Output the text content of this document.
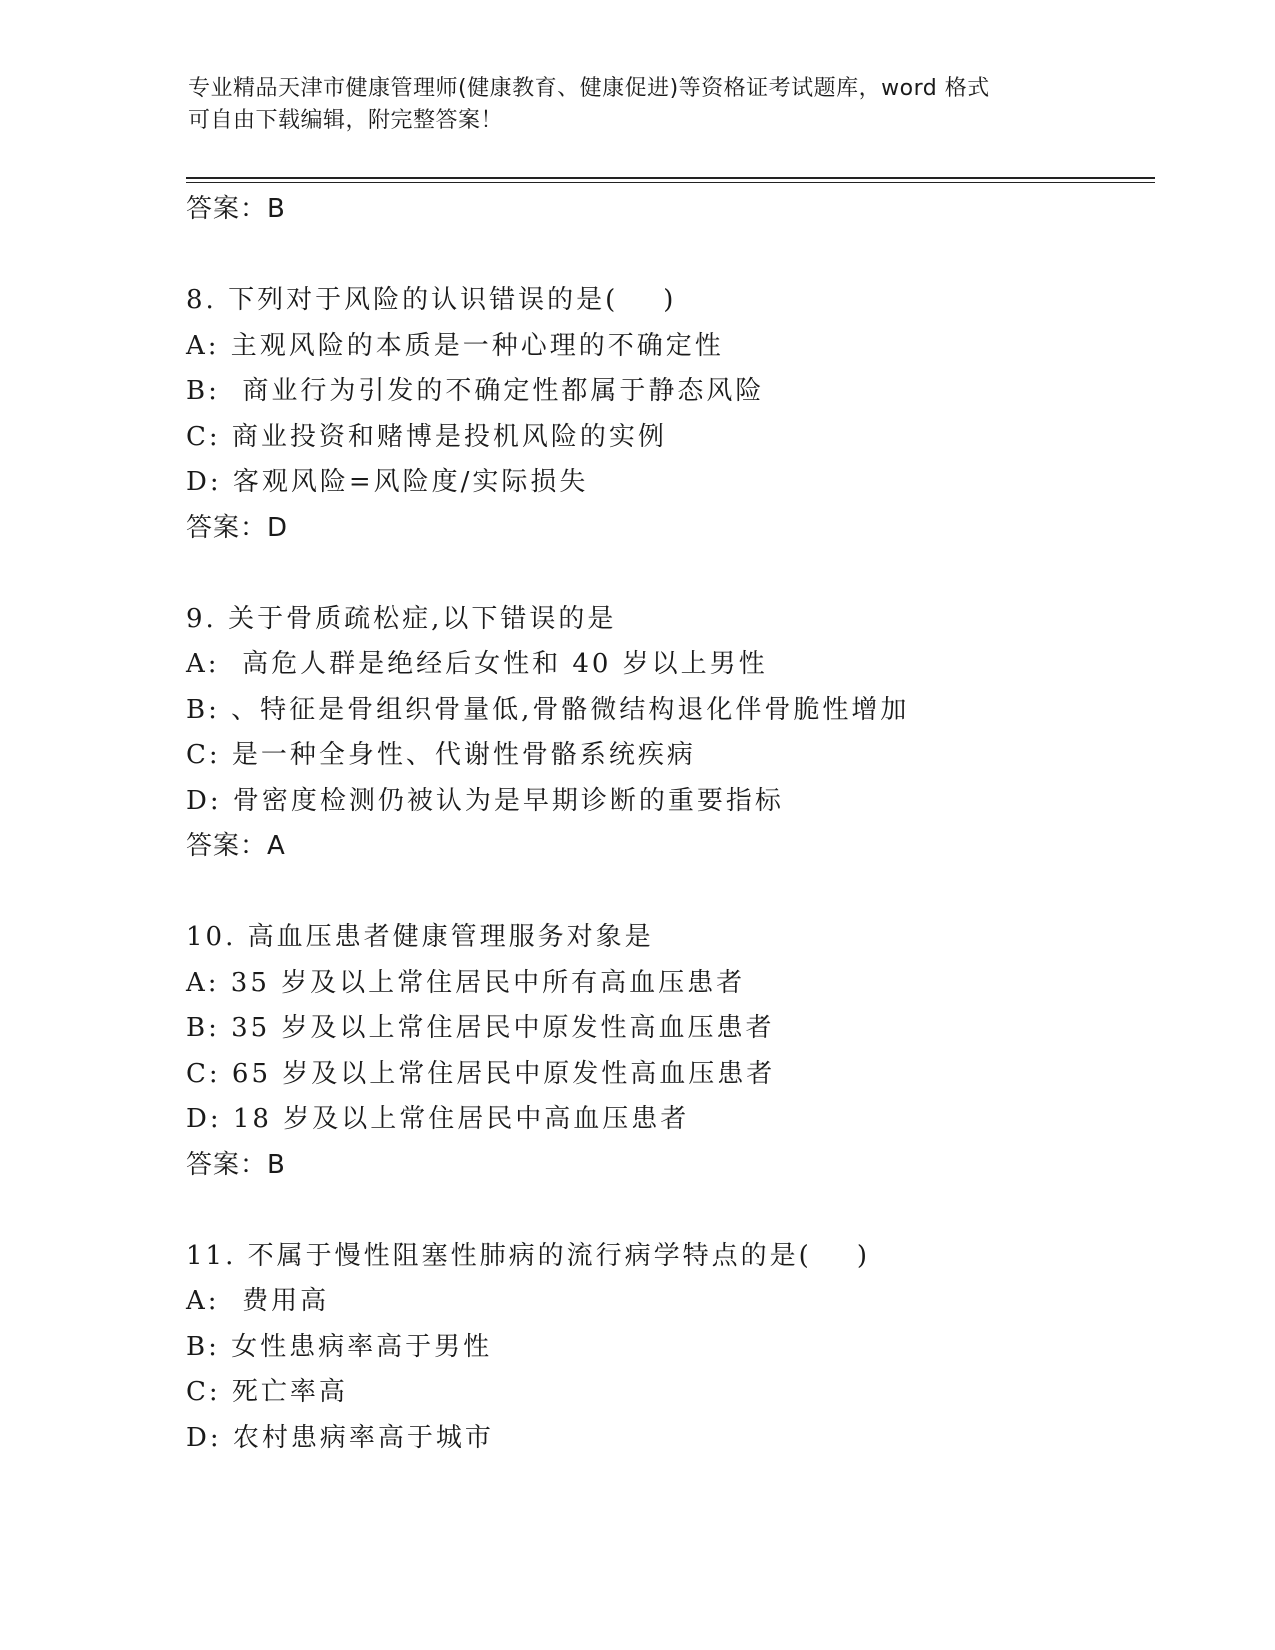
专业精品天津市健康管理师(健康教育、健康促进)等资格证考试题库，word 格式
可自由下载编辑，附完整答案！
答案：B
8. 下列对于风险的认识错误的是(    )
A: 主观风险的本质是一种心理的不确定性
B:  商业行为引发的不确定性都属于静态风险
C: 商业投资和赌博是投机风险的实例
D: 客观风险=风险度/实际损失
答案：D
9. 关于骨质疏松症,以下错误的是
A:  高危人群是绝经后女性和 40 岁以上男性
B: 、特征是骨组织骨量低,骨骼微结构退化伴骨脆性增加
C: 是一种全身性、代谢性骨骼系统疾病
D: 骨密度检测仍被认为是早期诊断的重要指标
答案：A
10. 高血压患者健康管理服务对象是
A: 35 岁及以上常住居民中所有高血压患者
B: 35 岁及以上常住居民中原发性高血压患者
C: 65 岁及以上常住居民中原发性高血压患者
D: 18 岁及以上常住居民中高血压患者
答案：B
11. 不属于慢性阻塞性肺病的流行病学特点的是(    )
A:  费用高
B: 女性患病率高于男性
C: 死亡率高
D: 农村患病率高于城市
